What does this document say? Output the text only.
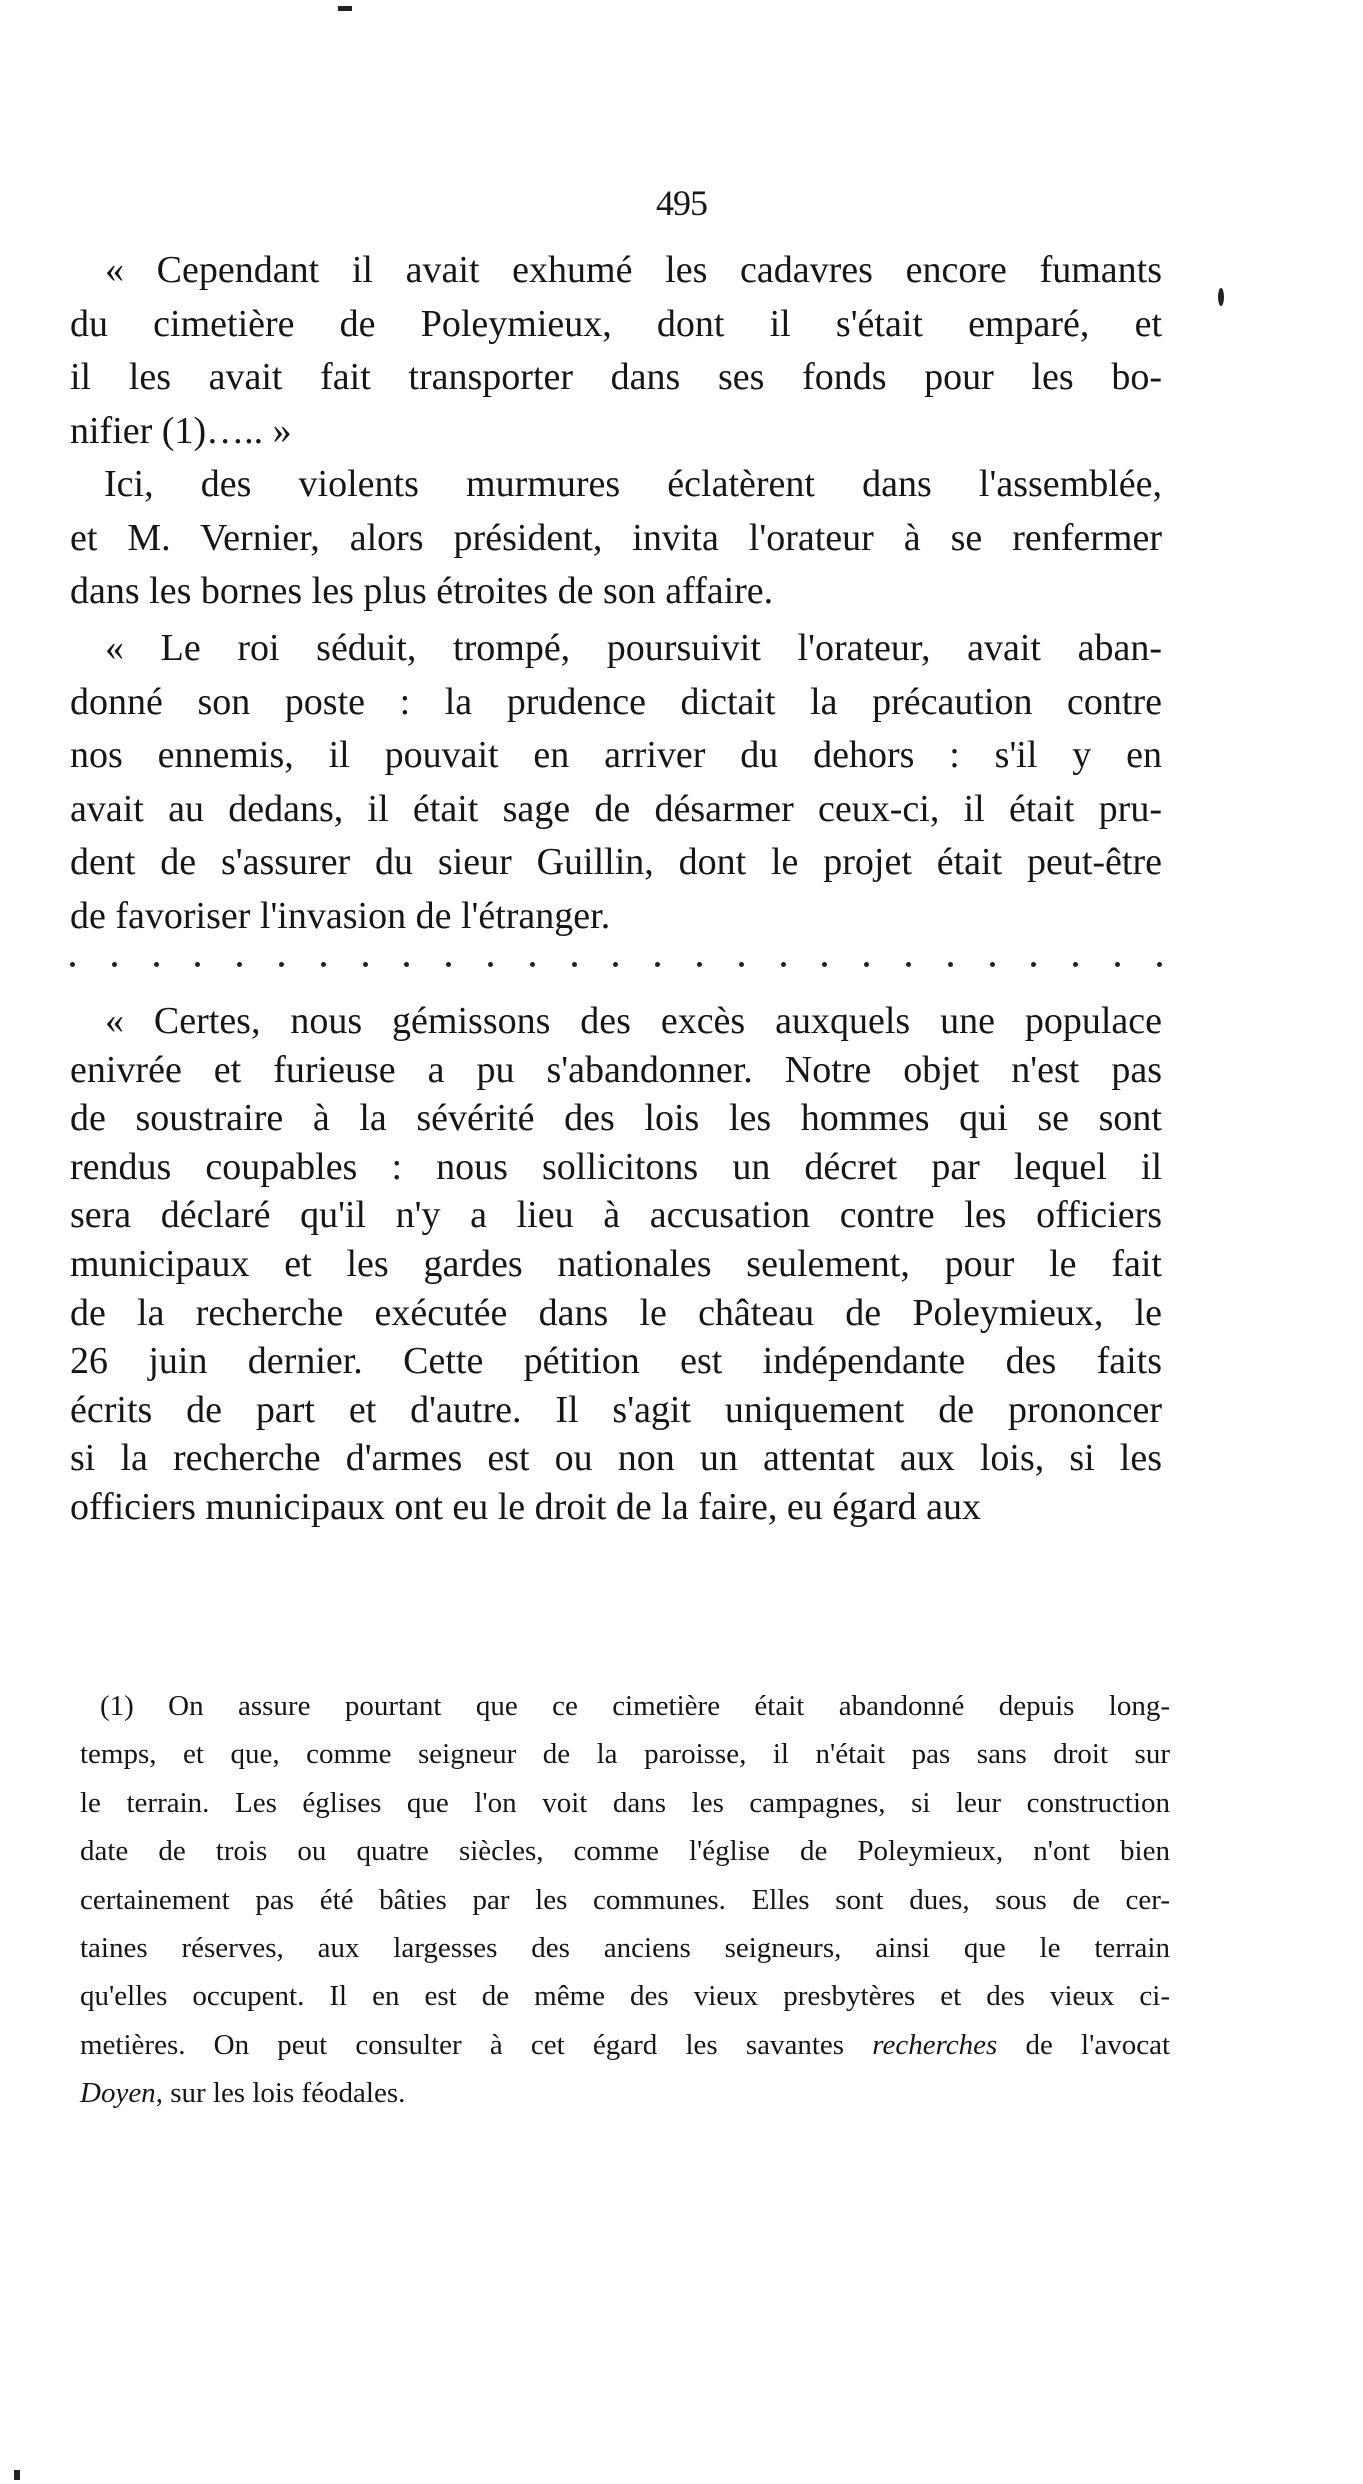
495
« Cependant il avait exhumé les cadavres encore fumants
du cimetière de Poleymieux, dont il s'était emparé, et
il les avait fait transporter dans ses fonds pour les bo-
nifier (1)….. »
Ici, des violents murmures éclatèrent dans l'assemblée,
et M. Vernier, alors président, invita l'orateur à se renfermer
dans les bornes les plus étroites de son affaire.
« Le roi séduit, trompé, poursuivit l'orateur, avait aban-
donné son poste : la prudence dictait la précaution contre
nos ennemis, il pouvait en arriver du dehors : s'il y en
avait au dedans, il était sage de désarmer ceux-ci, il était pru-
dent de s'assurer du sieur Guillin, dont le projet était peut-être
de favoriser l'invasion de l'étranger.
« Certes, nous gémissons des excès auxquels une populace
enivrée et furieuse a pu s'abandonner. Notre objet n'est pas
de soustraire à la sévérité des lois les hommes qui se sont
rendus coupables : nous sollicitons un décret par lequel il
sera déclaré qu'il n'y a lieu à accusation contre les officiers
municipaux et les gardes nationales seulement, pour le fait
de la recherche exécutée dans le château de Poleymieux, le
26 juin dernier. Cette pétition est indépendante des faits
écrits de part et d'autre. Il s'agit uniquement de prononcer
si la recherche d'armes est ou non un attentat aux lois, si les
officiers municipaux ont eu le droit de la faire, eu égard aux
(1) On assure pourtant que ce cimetière était abandonné depuis long-
temps, et que, comme seigneur de la paroisse, il n'était pas sans droit sur
le terrain. Les églises que l'on voit dans les campagnes, si leur construction
date de trois ou quatre siècles, comme l'église de Poleymieux, n'ont bien
certainement pas été bâties par les communes. Elles sont dues, sous de cer-
taines réserves, aux largesses des anciens seigneurs, ainsi que le terrain
qu'elles occupent. Il en est de même des vieux presbytères et des vieux ci-
metières. On peut consulter à cet égard les savantes recherches de l'avocat
Doyen, sur les lois féodales.
